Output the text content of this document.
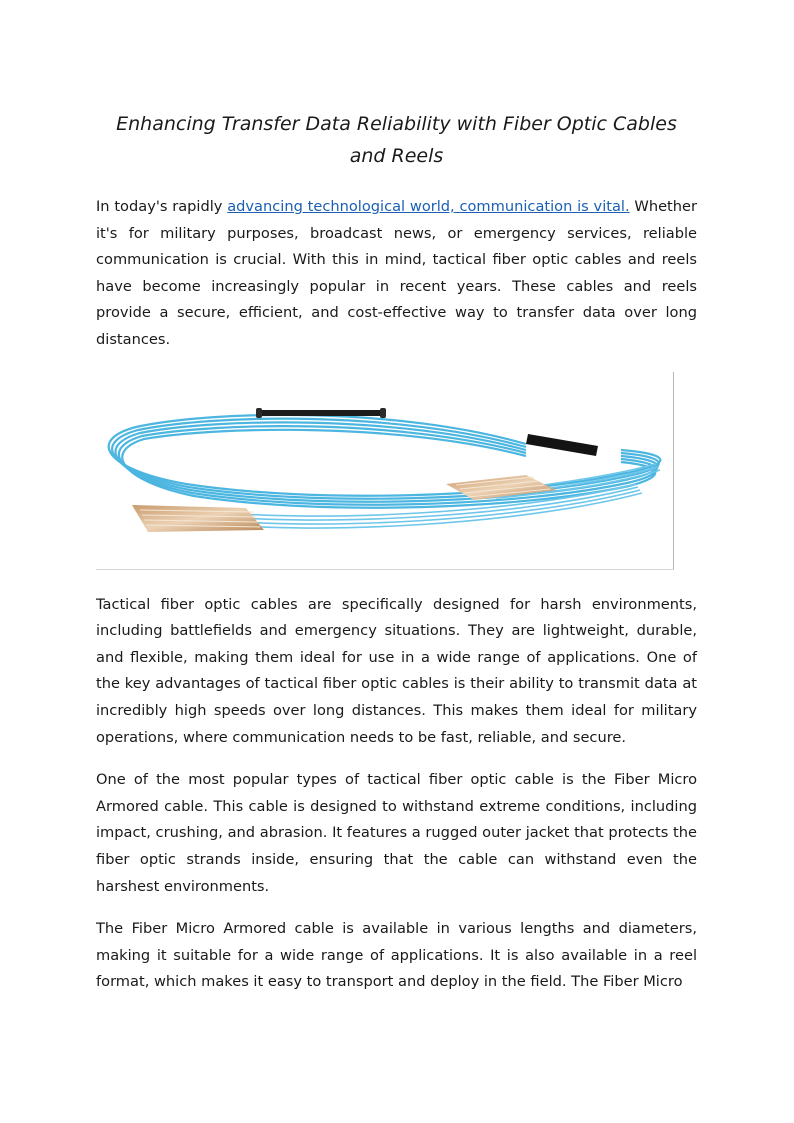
Enhancing Transfer Data Reliability with Fiber Optic Cables and Reels

In today's rapidly advancing technological world, communication is vital. Whether it's for military purposes, broadcast news, or emergency services, reliable communication is crucial. With this in mind, tactical fiber optic cables and reels have become increasingly popular in recent years. These cables and reels provide a secure, efficient, and cost-effective way to transfer data over long distances.

Tactical fiber optic cables are specifically designed for harsh environments, including battlefields and emergency situations. They are lightweight, durable, and flexible, making them ideal for use in a wide range of applications. One of the key advantages of tactical fiber optic cables is their ability to transmit data at incredibly high speeds over long distances. This makes them ideal for military operations, where communication needs to be fast, reliable, and secure.

One of the most popular types of tactical fiber optic cable is the Fiber Micro Armored cable. This cable is designed to withstand extreme conditions, including impact, crushing, and abrasion. It features a rugged outer jacket that protects the fiber optic strands inside, ensuring that the cable can withstand even the harshest environments.

The Fiber Micro Armored cable is available in various lengths and diameters, making it suitable for a wide range of applications. It is also available in a reel format, which makes it easy to transport and deploy in the field. The Fiber Micro
